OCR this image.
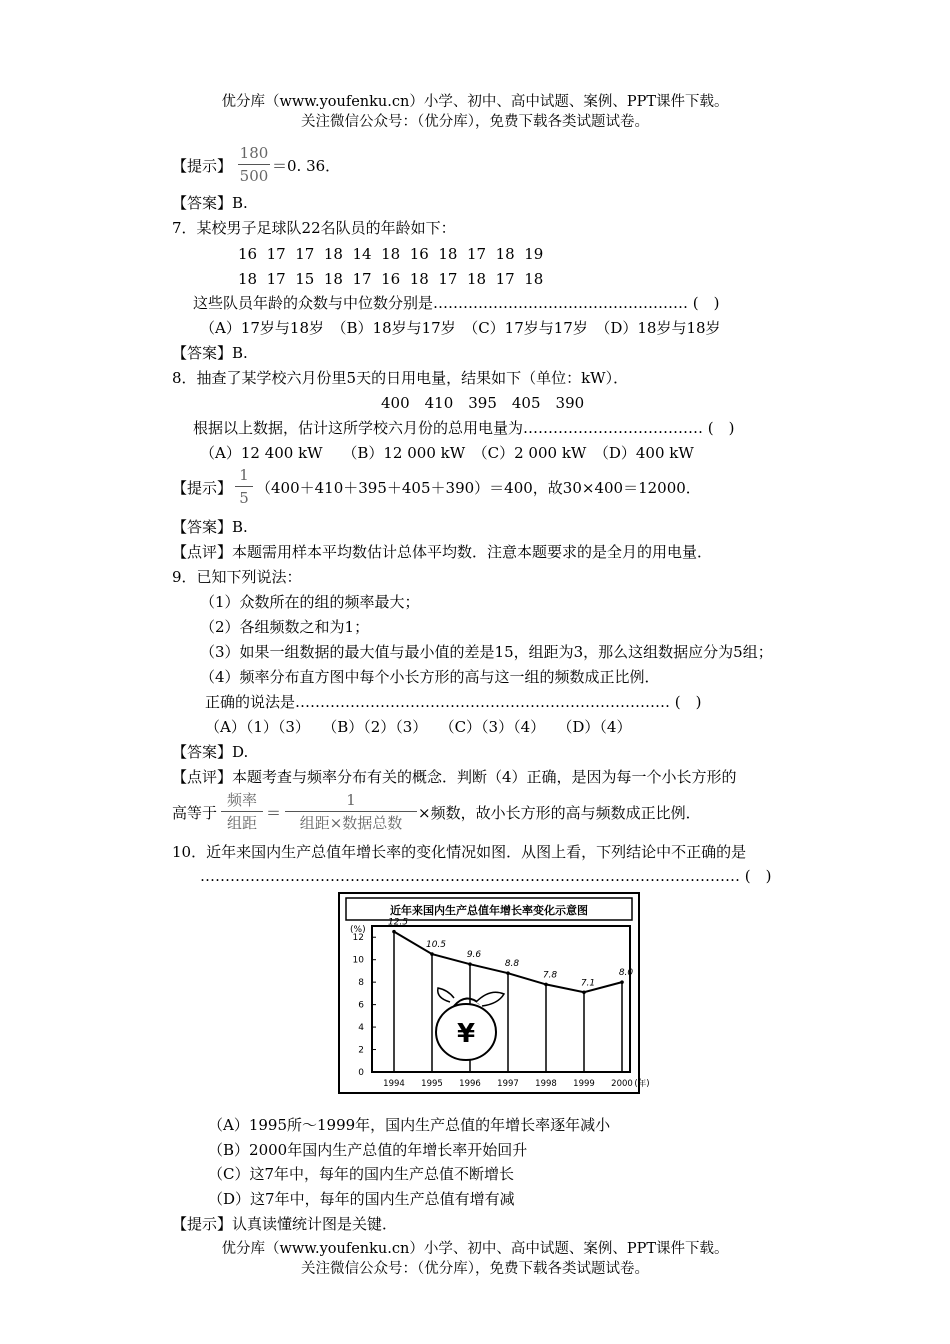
优分库（www.youfenku.cn）小学、初中、高中试题、案例、PPT课件下载。
关注微信公众号：（优分库），免费下载各类试题试卷。
【提示】
180
500
＝0. 36．
【答案】B.
7．某校男子足球队22名队员的年龄如下：
16  17  17  18  14  18  16  18  17  18  19
18  17  15  18  17  16  18  17  18  17  18
这些队员年龄的众数与中位数分别是…………………………………………… (　)
（A）17岁与18岁　（B）18岁与17岁　（C）17岁与17岁　（D）18岁与18岁
【答案】B.
8．抽查了某学校六月份里5天的日用电量，结果如下（单位：kW）．
400　410　395　405　390
根据以上数据，估计这所学校六月份的总用电量为……………………………… (　)
（A）12 400 kW　 （B）12 000 kW　（C）2 000 kW　（D）400 kW
【提示】
1
5
（400＋410＋395＋405＋390）＝400，故30×400＝12000．
【答案】B.
【点评】本题需用样本平均数估计总体平均数．注意本题要求的是全月的用电量．
9．已知下列说法：
（1）众数所在的组的频率最大；
（2）各组频数之和为1；
（3）如果一组数据的最大值与最小值的差是15，组距为3，那么这组数据应分为5组；
（4）频率分布直方图中每个小长方形的高与这一组的频数成正比例．
正确的说法是………………………………………………………………… (　)
（A）（1）（3）　 （B）（2）（3）　 （C）（3）（4）　 （D）（4）
【答案】D.
【点评】本题考查与频率分布有关的概念．判断（4）正确，是因为每一个小长方形的
高等于
频率
组距
＝
1
组距×数据总数
×频数，故小长方形的高与频数成正比例．
10．近年来国内生产总值年增长率的变化情况如图．从图上看，下列结论中不正确的是
……………………………………………………………………………………………… (　)
近年来国内生产总值年增长率变化示意图
(%)
0
2
4
6
8
10
12
1994 1995 1996 1997 1998 1999 2000 (年)
12.5
10.5
9.6
8.8
7.8
7.1
8.0
¥
（A）1995所～1999年，国内生产总值的年增长率逐年减小
（B）2000年国内生产总值的年增长率开始回升
（C）这7年中，每年的国内生产总值不断增长
（D）这7年中，每年的国内生产总值有增有减
【提示】认真读懂统计图是关键．
优分库（www.youfenku.cn）小学、初中、高中试题、案例、PPT课件下载。
关注微信公众号：（优分库），免费下载各类试题试卷。
